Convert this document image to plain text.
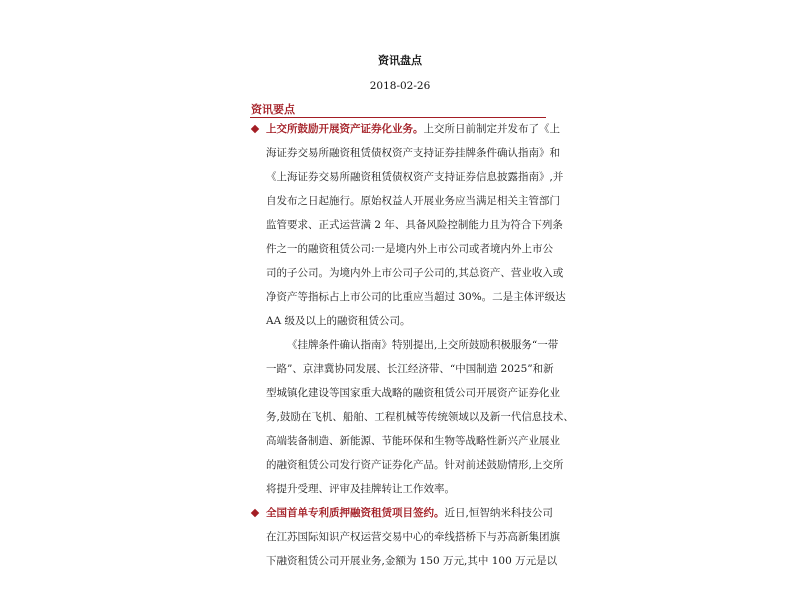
资讯盘点
2018-02-26
资讯要点
上交所鼓励开展资产证券化业务。上交所日前制定并发布了《上
海证券交易所融资租赁债权资产支持证券挂牌条件确认指南》和
《上海证券交易所融资租赁债权资产支持证券信息披露指南》,并
自发布之日起施行。原始权益人开展业务应当满足相关主管部门
监管要求、正式运营满 2 年、具备风险控制能力且为符合下列条
件之一的融资租赁公司:一是境内外上市公司或者境内外上市公
司的子公司。为境内外上市公司子公司的,其总资产、营业收入或
净资产等指标占上市公司的比重应当超过 30%。二是主体评级达
AA 级及以上的融资租赁公司。
《挂牌条件确认指南》特别提出,上交所鼓励积极服务“一带
一路”、京津冀协同发展、长江经济带、“中国制造 2025”和新
型城镇化建设等国家重大战略的融资租赁公司开展资产证券化业
务,鼓励在飞机、船舶、工程机械等传统领域以及新一代信息技术、
高端装备制造、新能源、节能环保和生物等战略性新兴产业展业
的融资租赁公司发行资产证券化产品。针对前述鼓励情形,上交所
将提升受理、评审及挂牌转让工作效率。
全国首单专利质押融资租赁项目签约。近日,恒智纳米科技公司
在江苏国际知识产权运营交易中心的牵线搭桥下与苏高新集团旗
下融资租赁公司开展业务,金额为 150 万元,其中 100 万元是以
